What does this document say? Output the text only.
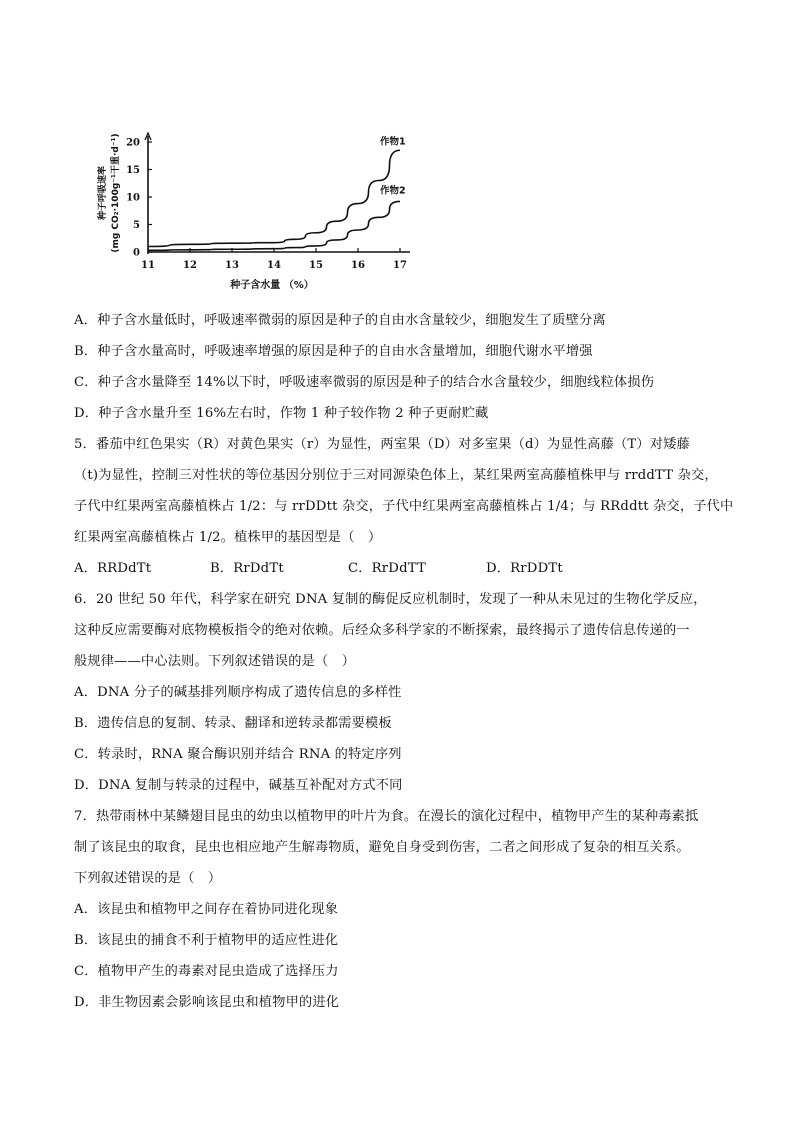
0
5
10
15
20
11	12	13	14	15	16	17
作物1
作物2
种子呼吸速率 (mg CO₂·100g⁻¹干重·d⁻¹)
种子含水量 （%）
A．种子含水量低时，呼吸速率微弱的原因是种子的自由水含量较少，细胞发生了质壁分离
B．种子含水量高时，呼吸速率增强的原因是种子的自由水含量增加，细胞代谢水平增强
C．种子含水量降至 14%以下时，呼吸速率微弱的原因是种子的结合水含量较少，细胞线粒体损伤
D．种子含水量升至 16%左右时，作物 1 种子较作物 2 种子更耐贮藏
5．番茄中红色果实（R）对黄色果实（r）为显性，两室果（D）对多室果（d）为显性高藤（T）对矮藤
（t)为显性，控制三对性状的等位基因分别位于三对同源染色体上，某红果两室高藤植株甲与 rrddTT 杂交，
子代中红果两室高藤植株占 1/2：与 rrDDtt 杂交，子代中红果两室高藤植株占 1/4；与 RRddtt 杂交，子代中
红果两室高藤植株占 1/2。植株甲的基因型是（　）
A．RRDdTt	B．RrDdTt	C．RrDdTT	D．RrDDTt
6．20 世纪 50 年代，科学家在研究 DNA 复制的酶促反应机制时，发现了一种从未见过的生物化学反应，
这种反应需要酶对底物模板指令的绝对依赖。后经众多科学家的不断探索，最终揭示了遗传信息传递的一
般规律——中心法则。下列叙述错误的是（　）
A．DNA 分子的碱基排列顺序构成了遗传信息的多样性
B．遗传信息的复制、转录、翻译和逆转录都需要模板
C．转录时，RNA 聚合酶识别并结合 RNA 的特定序列
D．DNA 复制与转录的过程中，碱基互补配对方式不同
7．热带雨林中某鳞翅目昆虫的幼虫以植物甲的叶片为食。在漫长的演化过程中，植物甲产生的某种毒素抵
制了该昆虫的取食，昆虫也相应地产生解毒物质，避免自身受到伤害，二者之间形成了复杂的相互关系。
下列叙述错误的是（　）
A．该昆虫和植物甲之间存在着协同进化现象
B．该昆虫的捕食不利于植物甲的适应性进化
C．植物甲产生的毒素对昆虫造成了选择压力
D．非生物因素会影响该昆虫和植物甲的进化
